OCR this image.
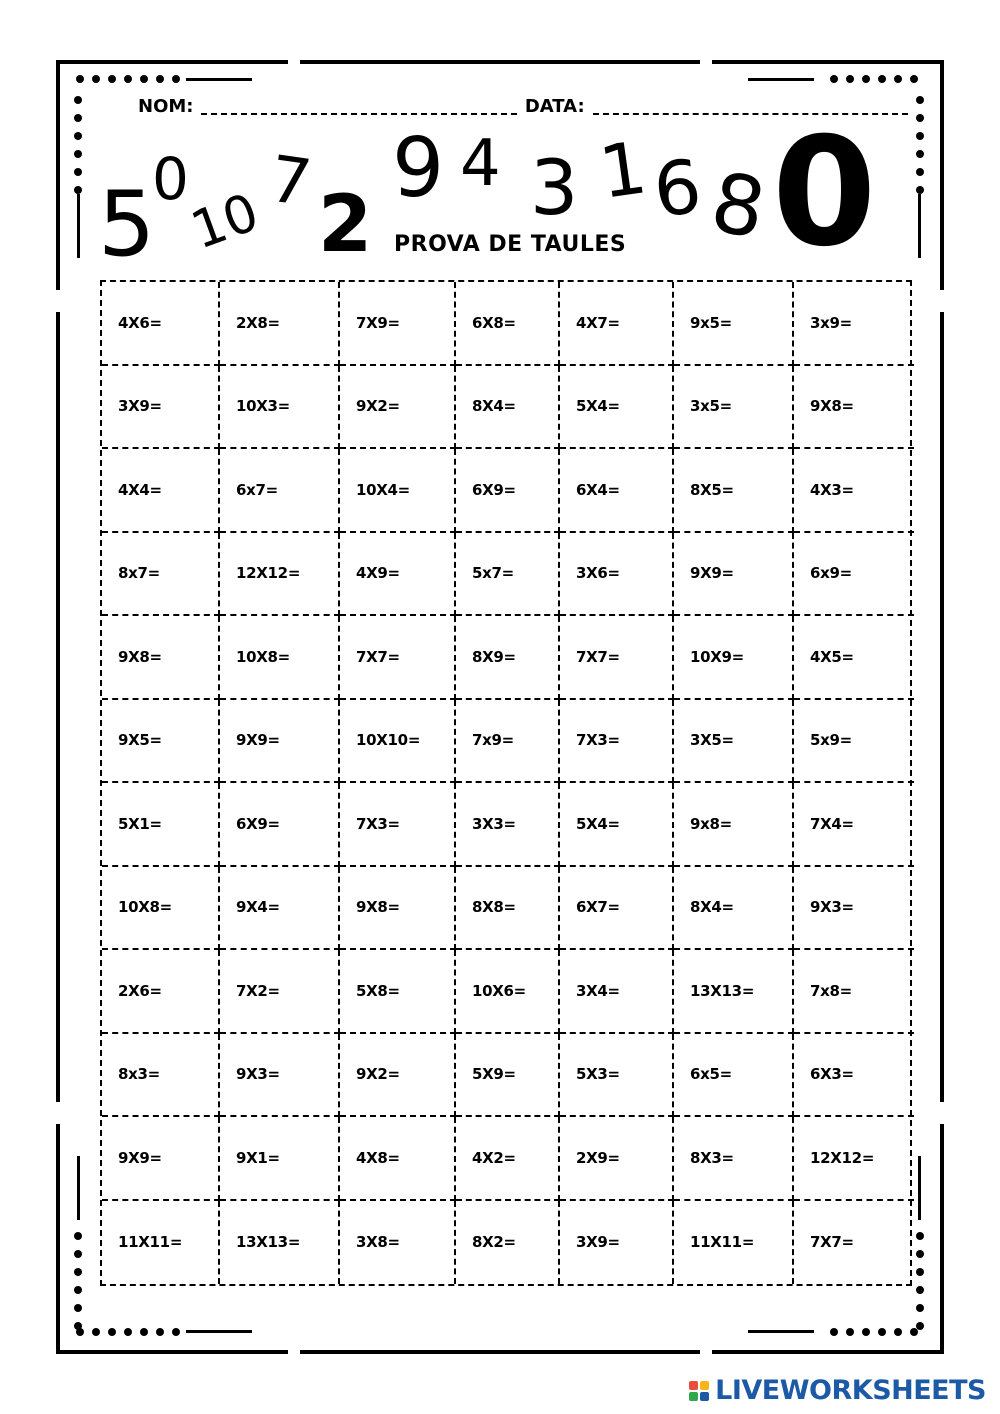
NOM:	DATA:
5
0
10
7 2
9 4 3 1
6
8 0
PROVA DE TAULES
4X6=	2X8=	7X9=	6X8=	4X7=	9x5=	3x9=
3X9=	10X3=	9X2=	8X4=	5X4=	3x5=	9X8=
4X4=	6x7=	10X4=	6X9=	6X4=	8X5=	4X3=
8x7=	12X12=	4X9=	5x7=	3X6=	9X9=	6x9=
9X8=	10X8=	7X7=	8X9=	7X7=	10X9=	4X5=
9X5=	9X9=	10X10=	7x9=	7X3=	3X5=	5x9=
5X1=	6X9=	7X3=	3X3=	5X4=	9x8=	7X4=
10X8=	9X4=	9X8=	8X8=	6X7=	8X4=	9X3=
2X6=	7X2=	5X8=	10X6=	3X4=	13X13=	7x8=
8x3=	9X3=	9X2=	5X9=	5X3=	6x5=	6X3=
9X9=	9X1=	4X8=	4X2=	2X9=	8X3=	12X12=
11X11=	13X13=	3X8=	8X2=	3X9=	11X11=	7X7=
LIVEWORKSHEETS
